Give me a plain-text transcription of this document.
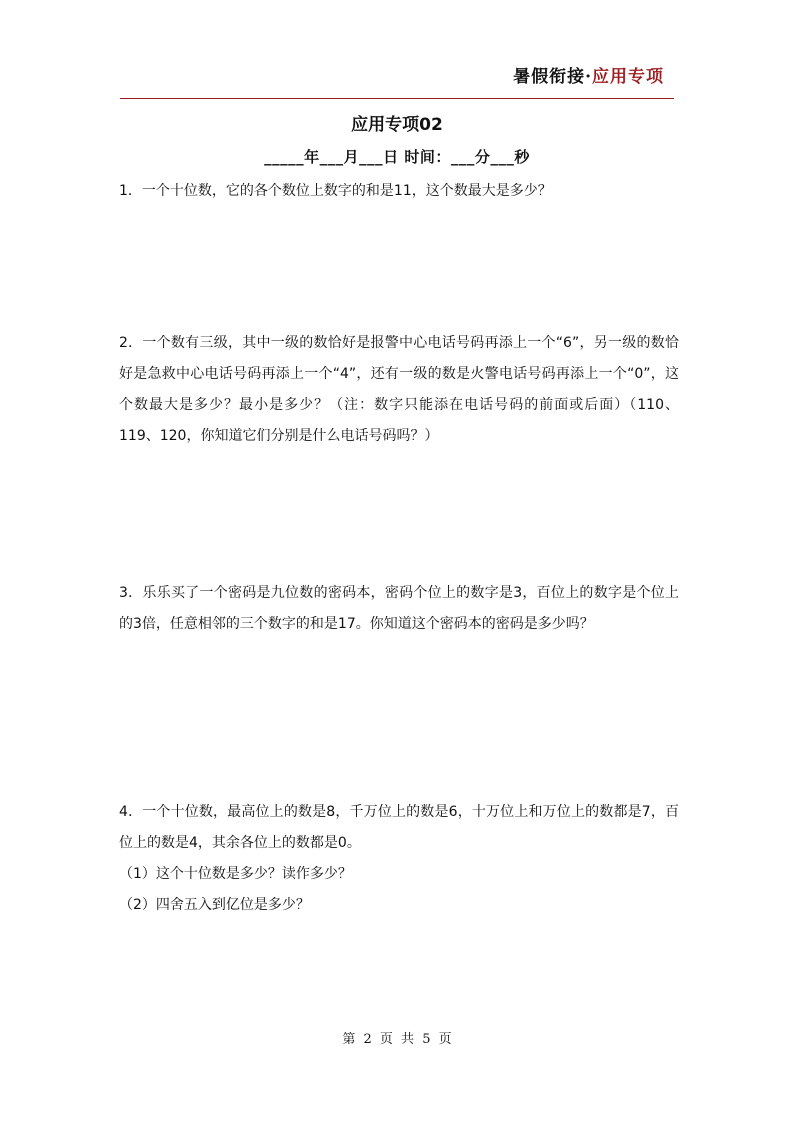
暑假衔接·应用专项
应用专项02
_____年___月___日 时间：___分___秒

1．一个十位数，它的各个数位上数字的和是11，这个数最大是多少？

2．一个数有三级，其中一级的数恰好是报警中心电话号码再添上一个“6”，另一级的数恰好是急救中心电话号码再添上一个“4”，还有一级的数是火警电话号码再添上一个“0”，这个数最大是多少？最小是多少？（注：数字只能添在电话号码的前面或后面）（110、119、120，你知道它们分别是什么电话号码吗？）

3．乐乐买了一个密码是九位数的密码本，密码个位上的数字是3，百位上的数字是个位上的3倍，任意相邻的三个数字的和是17。你知道这个密码本的密码是多少吗？

4．一个十位数，最高位上的数是8，千万位上的数是6，十万位上和万位上的数都是7，百位上的数是4，其余各位上的数都是0。

（1）这个十位数是多少？读作多少？

（2）四舍五入到亿位是多少？

第 2 页 共 5 页
